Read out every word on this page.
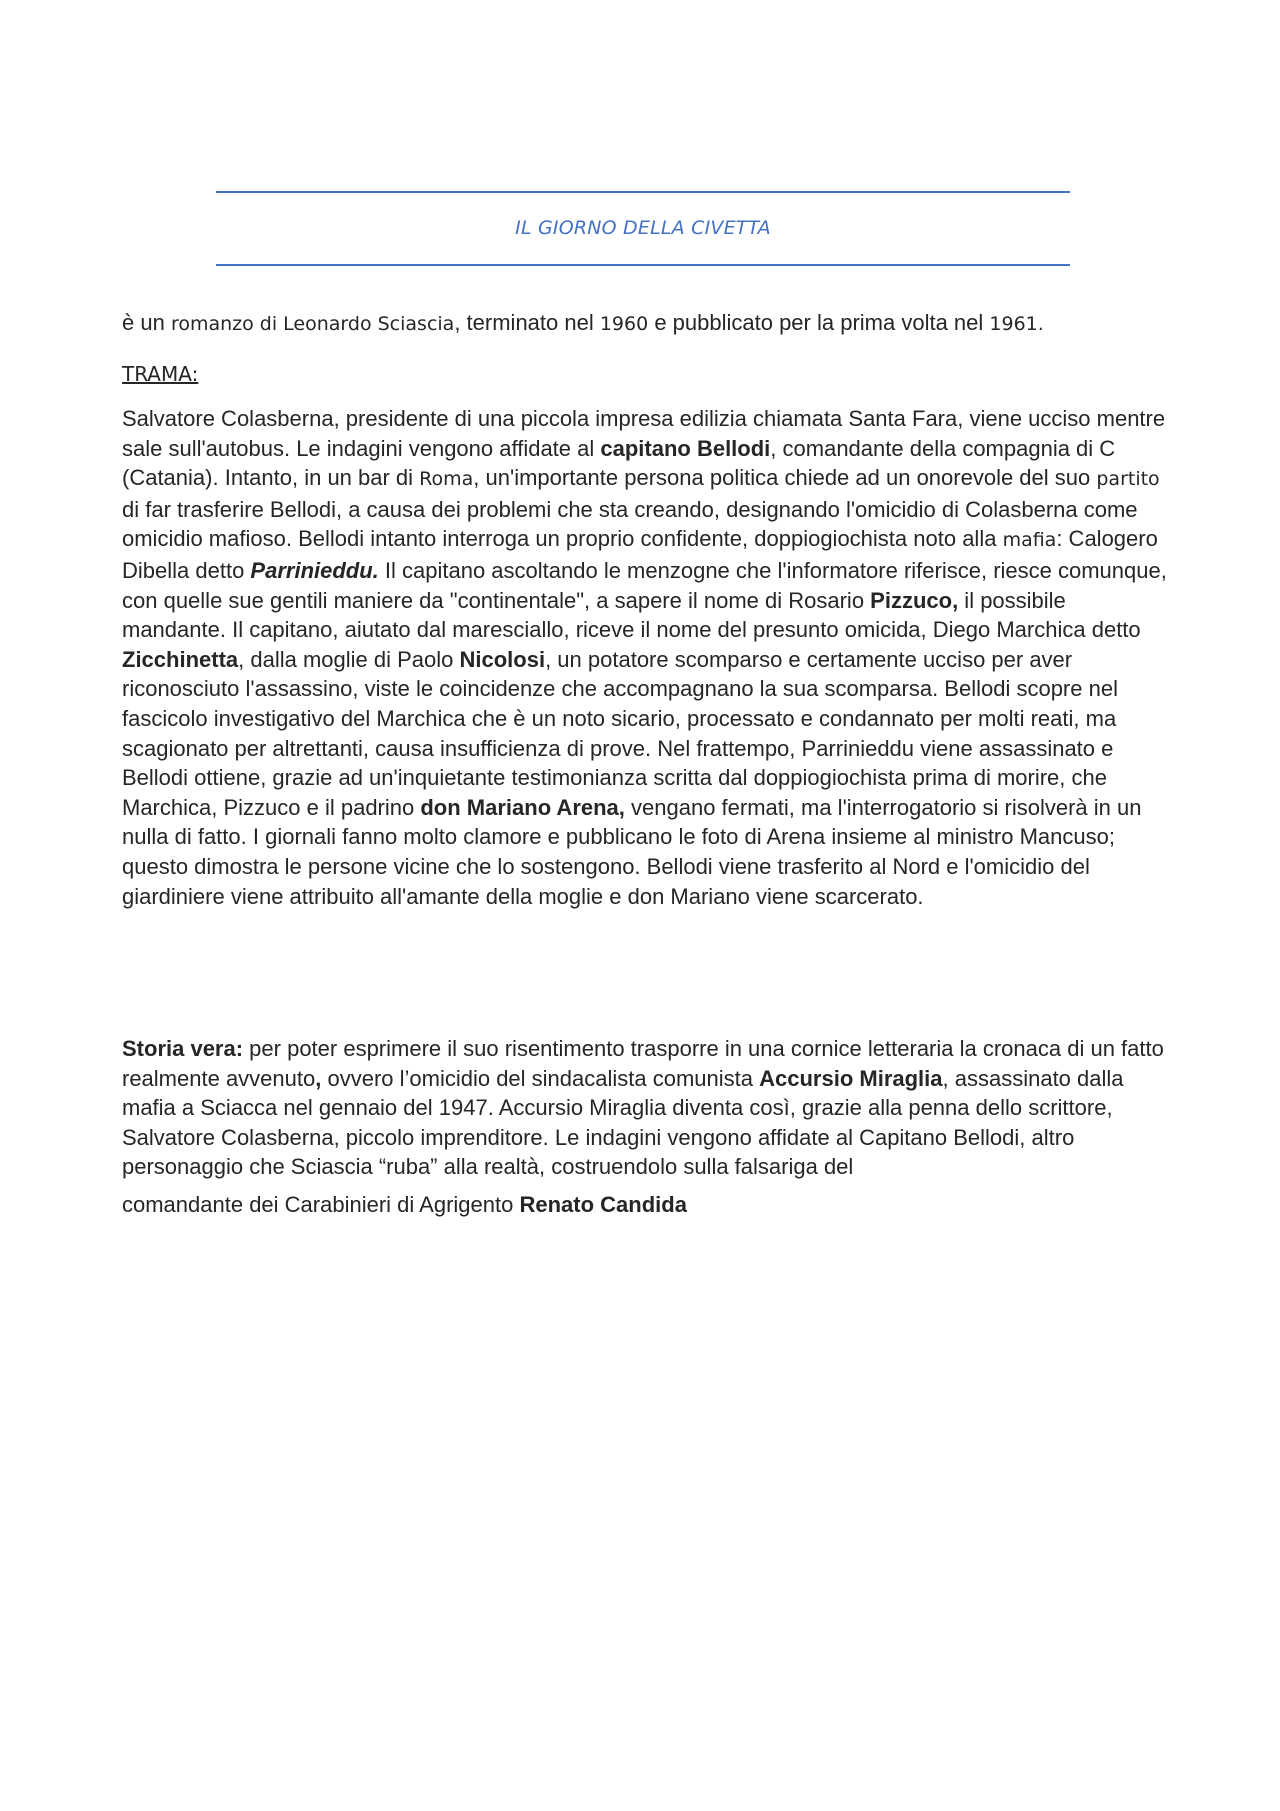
IL GIORNO DELLA CIVETTA
è un romanzo di Leonardo Sciascia, terminato nel 1960 e pubblicato per la prima volta nel 1961.
TRAMA:
Salvatore Colasberna, presidente di una piccola impresa edilizia chiamata Santa Fara, viene ucciso mentre sale sull'autobus. Le indagini vengono affidate al capitano Bellodi, comandante della compagnia di C (Catania). Intanto, in un bar di Roma, un'importante persona politica chiede ad un onorevole del suo partito di far trasferire Bellodi, a causa dei problemi che sta creando, designando l'omicidio di Colasberna come omicidio mafioso. Bellodi intanto interroga un proprio confidente, doppiogiochista noto alla mafia: Calogero Dibella detto Parrinieddu. Il capitano ascoltando le menzogne che l'informatore riferisce, riesce comunque, con quelle sue gentili maniere da "continentale", a sapere il nome di Rosario Pizzuco, il possibile mandante. Il capitano, aiutato dal maresciallo, riceve il nome del presunto omicida, Diego Marchica detto Zicchinetta, dalla moglie di Paolo Nicolosi, un potatore scomparso e certamente ucciso per aver riconosciuto l'assassino, viste le coincidenze che accompagnano la sua scomparsa. Bellodi scopre nel fascicolo investigativo del Marchica che è un noto sicario, processato e condannato per molti reati, ma scagionato per altrettanti, causa insufficienza di prove. Nel frattempo, Parrinieddu viene assassinato e Bellodi ottiene, grazie ad un'inquietante testimonianza scritta dal doppiogiochista prima di morire, che Marchica, Pizzuco e il padrino don Mariano Arena, vengano fermati, ma l'interrogatorio si risolverà in un nulla di fatto. I giornali fanno molto clamore e pubblicano le foto di Arena insieme al ministro Mancuso; questo dimostra le persone vicine che lo sostengono. Bellodi viene trasferito al Nord e l'omicidio del giardiniere viene attribuito all'amante della moglie e don Mariano viene scarcerato.
Storia vera: per poter esprimere il suo risentimento trasporre in una cornice letteraria la cronaca di un fatto realmente avvenuto, ovvero l’omicidio del sindacalista comunista Accursio Miraglia, assassinato dalla mafia a Sciacca nel gennaio del 1947. Accursio Miraglia diventa così, grazie alla penna dello scrittore, Salvatore Colasberna, piccolo imprenditore. Le indagini vengono affidate al Capitano Bellodi, altro personaggio che Sciascia “ruba” alla realtà, costruendolo sulla falsariga del
comandante dei Carabinieri di Agrigento Renato Candida
